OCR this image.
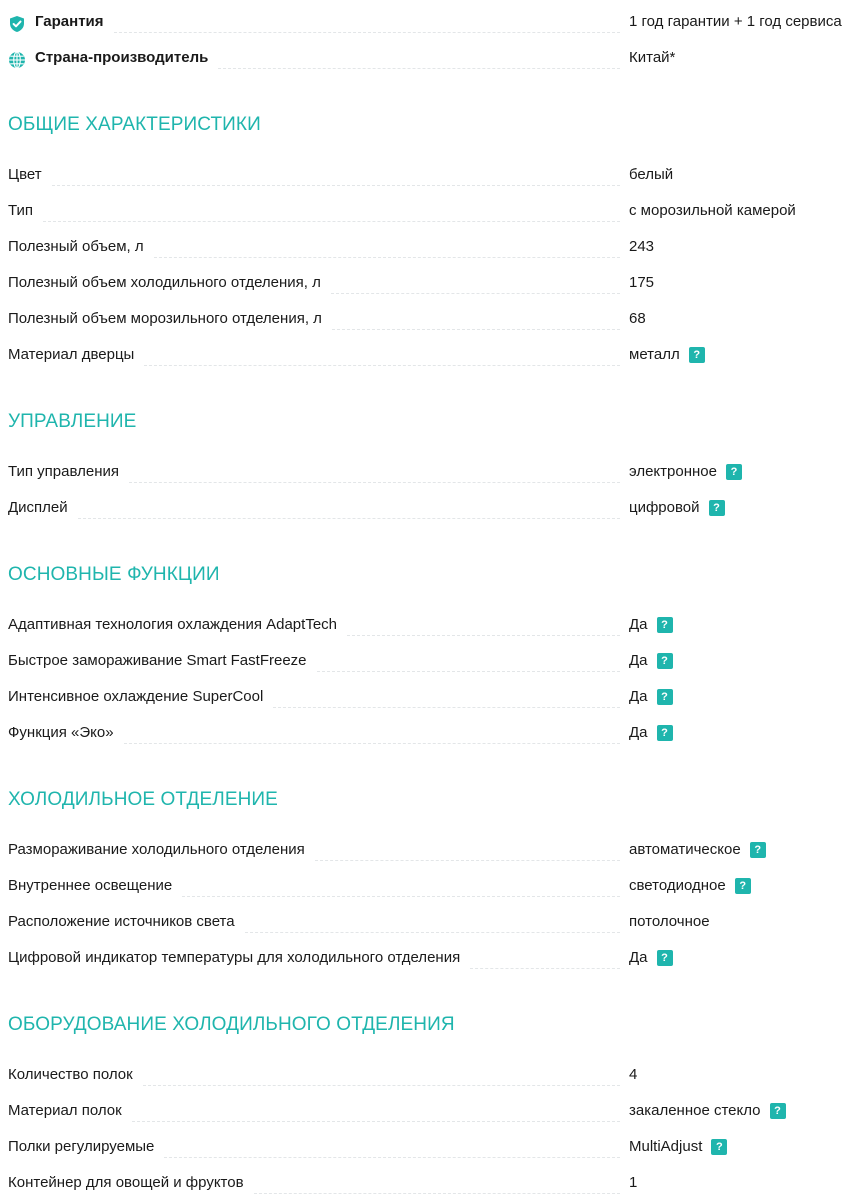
Гарантия	1 год гарантии + 1 год сервиса
Страна-производитель	Китай*
ОБЩИЕ ХАРАКТЕРИСТИКИ
Цвет	белый
Тип	с морозильной камерой
Полезный объем, л	243
Полезный объем холодильного отделения, л	175
Полезный объем морозильного отделения, л	68
Материал дверцы	металл	?
УПРАВЛЕНИЕ
Тип управления	электронное	?
Дисплей	цифровой	?
ОСНОВНЫЕ ФУНКЦИИ
Адаптивная технология охлаждения AdaptTech	Да	?
Быстрое замораживание Smart FastFreeze	Да	?
Интенсивное охлаждение SuperCool	Да	?
Функция «Эко»	Да	?
ХОЛОДИЛЬНОЕ ОТДЕЛЕНИЕ
Размораживание холодильного отделения	автоматическое	?
Внутреннее освещение	светодиодное	?
Расположение источников света	потолочное
Цифровой индикатор температуры для холодильного отделения	Да	?
ОБОРУДОВАНИЕ ХОЛОДИЛЬНОГО ОТДЕЛЕНИЯ
Количество полок	4
Материал полок	закаленное стекло	?
Полки регулируемые	MultiAdjust	?
Контейнер для овощей и фруктов	1
